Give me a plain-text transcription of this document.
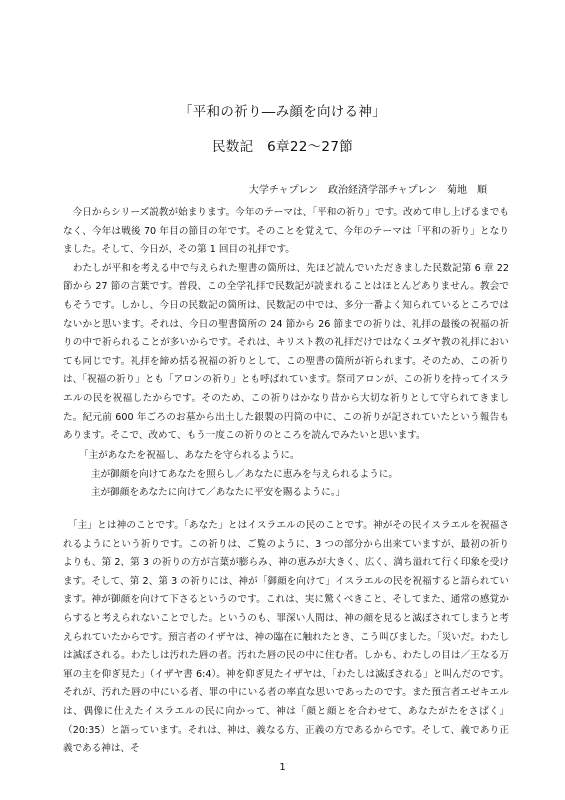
「平和の祈り―み顔を向ける神」
民数記　6章22～27節
大学チャプレン　政治経済学部チャプレン　菊地　順

　今日からシリーズ説教が始まります。今年のテーマは、「平和の祈り」です。改めて申し上げるまでもなく、今年は戦後 70 年目の節目の年です。そのことを覚えて、今年のテーマは「平和の祈り」となりました。そして、今日が、その第 1 回目の礼拝です。

　わたしが平和を考える中で与えられた聖書の箇所は、先ほど読んでいただきました民数記第 6 章 22 節から 27 節の言葉です。普段、この全学礼拝で民数記が読まれることはほとんどありません。教会でもそうです。しかし、今日の民数記の箇所は、民数記の中では、多分一番よく知られているところではないかと思います。それは、今日の聖書箇所の 24 節から 26 節までの祈りは、礼拝の最後の祝福の祈りの中で祈られることが多いからです。それは、キリスト教の礼拝だけではなくユダヤ教の礼拝においても同じです。礼拝を締め括る祝福の祈りとして、この聖書の箇所が祈られます。そのため、この祈りは、「祝福の祈り」とも「アロンの祈り」とも呼ばれています。祭司アロンが、この祈りを持ってイスラエルの民を祝福したからです。そのため、この祈りはかなり昔から大切な祈りとして守られてきました。紀元前 600 年ごろのお墓から出土した銀製の円筒の中に、この祈りが記されていたという報告もあります。そこで、改めて、もう一度この祈りのところを読んでみたいと思います。

「主があなたを祝福し、あなたを守られるように。
主が御顔を向けてあなたを照らし／あなたに恵みを与えられるように。
主が御顔をあなたに向けて／あなたに平安を賜るように。」

　「主」とは神のことです。「あなた」とはイスラエルの民のことです。神がその民イスラエルを祝福されるようにという祈りです。この祈りは、ご覧のように、3 つの部分から出来ていますが、最初の祈りよりも、第 2、第 3 の祈りの方が言葉が膨らみ、神の恵みが大きく、広く、満ち溢れて行く印象を受けます。そして、第 2、第 3 の祈りには、神が「御顔を向けて」イスラエルの民を祝福すると語られています。神が御顔を向けて下さるというのです。これは、実に驚くべきこと、そしてまた、通常の感覚からすると考えられないことでした。というのも、罪深い人間は、神の顔を見ると滅ぼされてしまうと考えられていたからです。預言者のイザヤは、神の臨在に触れたとき、こう叫びました。「災いだ。わたしは滅ぼされる。わたしは汚れた唇の者。汚れた唇の民の中に住む者。しかも、わたしの目は／王なる万軍の主を仰ぎ見た」（イザヤ書 6:4）。神を仰ぎ見たイザヤは、「わたしは滅ぼされる」と叫んだのです。それが、汚れた唇の中にいる者、罪の中にいる者の率直な思いであったのです。また預言者エゼキエルは、偶像に仕えたイスラエルの民に向かって、神は「顔と顔とを合わせて、あなたがたをさばく」（20:35）と語っています。それは、神は、義なる方、正義の方であるからです。そして、義であり正義である神は、そ

1
